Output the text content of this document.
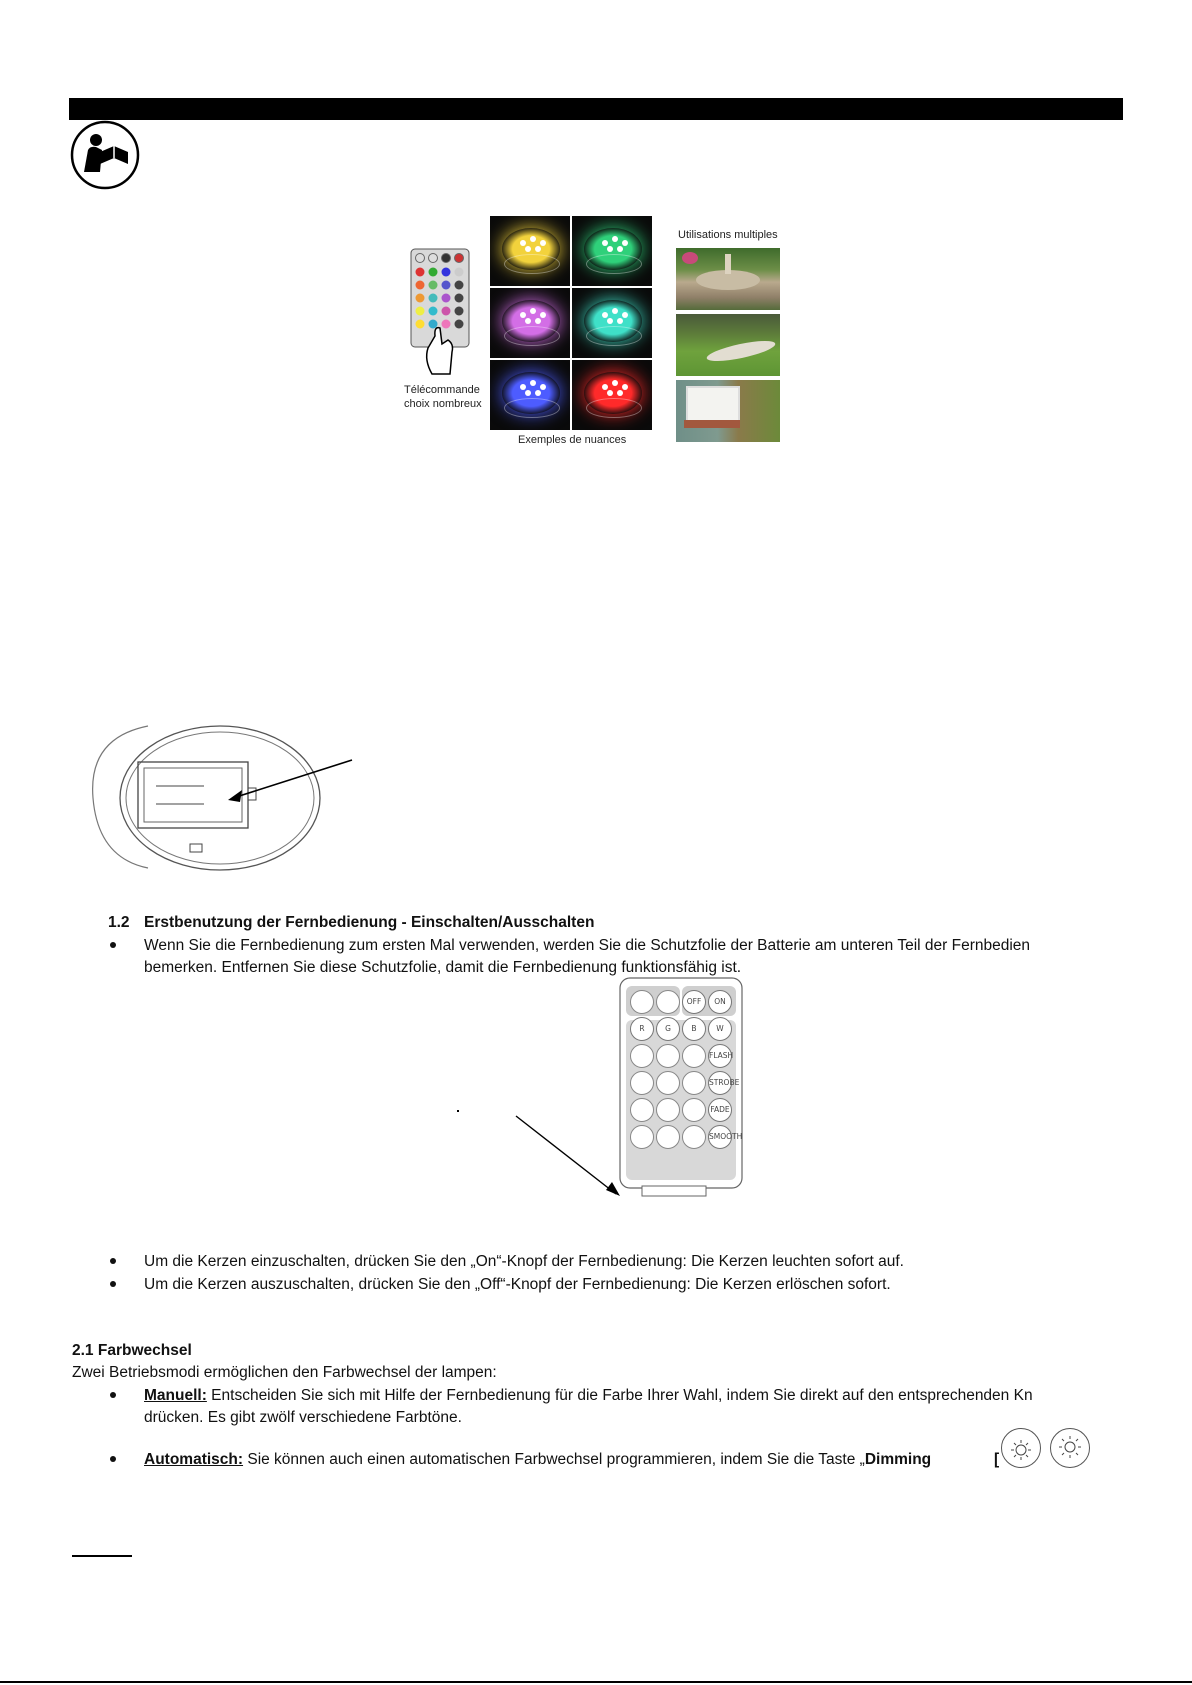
Télécommande
choix nombreux
Exemples de nuances
Utilisations multiples
1.2 Erstbenutzung der Fernbedienung - Einschalten/Ausschalten
Wenn Sie die Fernbedienung zum ersten Mal verwenden, werden Sie die Schutzfolie der Batterie am unteren Teil der Fernbedien
bemerken. Entfernen Sie diese Schutzfolie, damit die Fernbedienung funktionsfähig ist.
OFF	ON
R	G	B	W
FLASH
STROBE
FADE
SMOOTH
Um die Kerzen einzuschalten, drücken Sie den „On“-Knopf der Fernbedienung: Die Kerzen leuchten sofort auf.
Um die Kerzen auszuschalten, drücken Sie den „Off“-Knopf der Fernbedienung: Die Kerzen erlöschen sofort.
2.1 Farbwechsel
Zwei Betriebsmodi ermöglichen den Farbwechsel der lampen:
Manuell: Entscheiden Sie sich mit Hilfe der Fernbedienung für die Farbe Ihrer Wahl, indem Sie direkt auf den entsprechenden Kn
drücken. Es gibt zwölf verschiedene Farbtöne.
Automatisch: Sie können auch einen automatischen Farbwechsel programmieren, indem Sie die Taste „Dimming	[
